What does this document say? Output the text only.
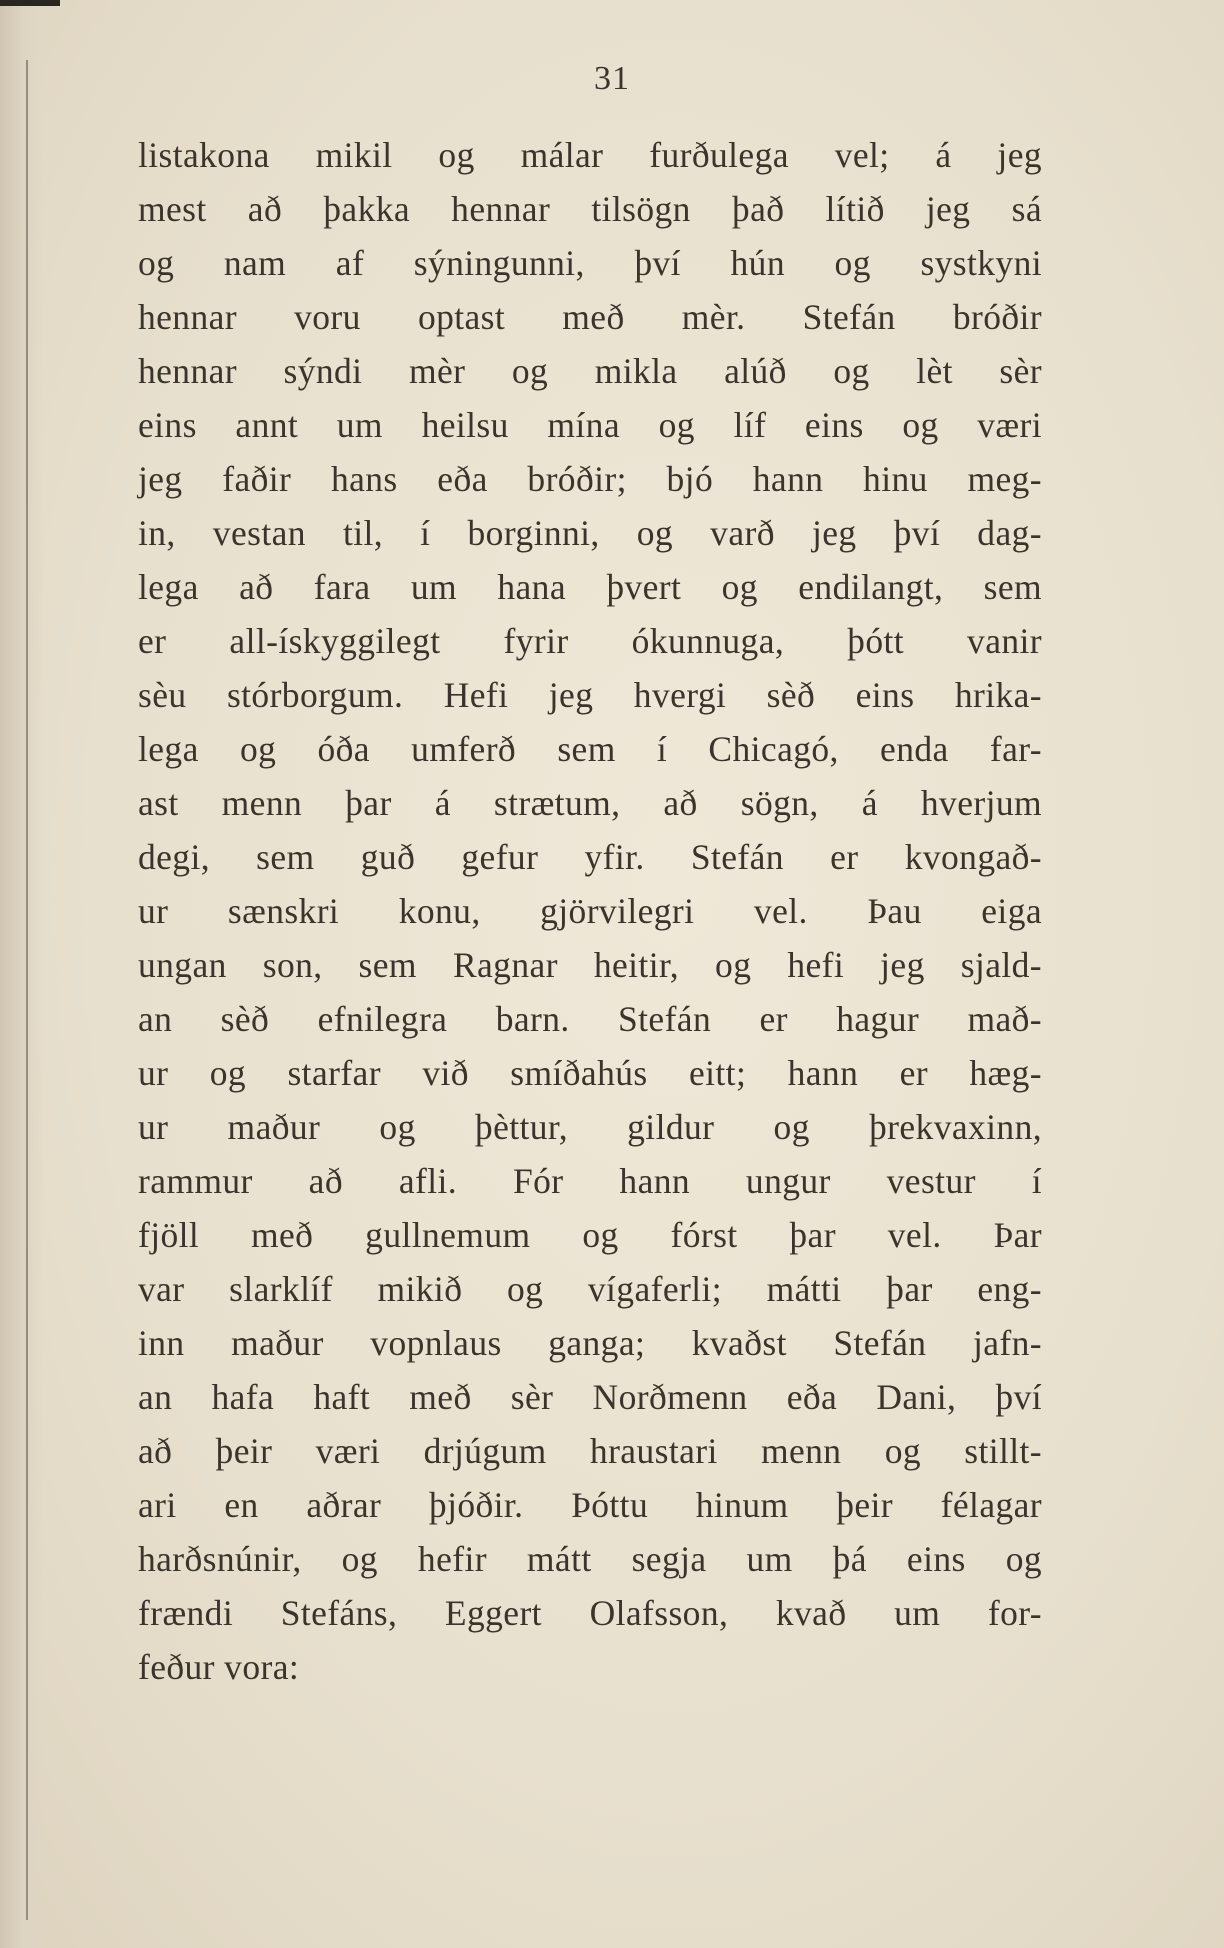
31
listakona mikil og málar furðulega vel; á jeg
mest að þakka hennar tilsögn það lítið jeg sá
og nam af sýningunni, því hún og systkyni
hennar voru optast með mèr. Stefán bróðir
hennar sýndi mèr og mikla alúð og lèt sèr
eins annt um heilsu mína og líf eins og væri
jeg faðir hans eða bróðir; bjó hann hinu meg-
in, vestan til, í borginni, og varð jeg því dag-
lega að fara um hana þvert og endilangt, sem
er all-ískyggilegt fyrir ókunnuga, þótt vanir
sèu stórborgum. Hefi jeg hvergi sèð eins hrika-
lega og óða umferð sem í Chicagó, enda far-
ast menn þar á strætum, að sögn, á hverjum
degi, sem guð gefur yfir. Stefán er kvongað-
ur sænskri konu, gjörvilegri vel. Þau eiga
ungan son, sem Ragnar heitir, og hefi jeg sjald-
an sèð efnilegra barn. Stefán er hagur mað-
ur og starfar við smíðahús eitt; hann er hæg-
ur maður og þèttur, gildur og þrekvaxinn,
rammur að afli. Fór hann ungur vestur í
fjöll með gullnemum og fórst þar vel. Þar
var slarklíf mikið og vígaferli; mátti þar eng-
inn maður vopnlaus ganga; kvaðst Stefán jafn-
an hafa haft með sèr Norðmenn eða Dani, því
að þeir væri drjúgum hraustari menn og stillt-
ari en aðrar þjóðir. Þóttu hinum þeir félagar
harðsnúnir, og hefir mátt segja um þá eins og
frændi Stefáns, Eggert Olafsson, kvað um for-
feður vora:
